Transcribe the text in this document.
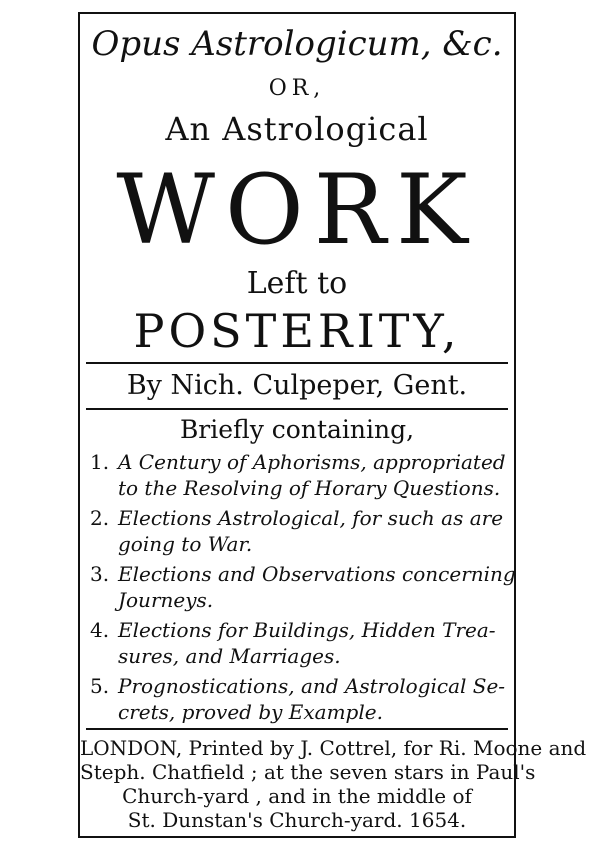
Opus Astrologicum, &c.
OR,
An Astrological
WORK
Left to
POSTERITY,
By Nich. Culpeper, Gent.
Briefly containing,
1. A Century of Aphorisms, appropriated
to the Resolving of Horary Questions.
2. Elections Astrological, for such as are
going to War.
3. Elections and Observations concerning
Journeys.
4. Elections for Buildings, Hidden Trea-
sures, and Marriages.
5. Prognostications, and Astrological Se-
crets, proved by Example.
LONDON, Printed by J. Cottrel, for Ri. Moone and
Steph. Chatfield ; at the seven stars in Paul's
Church-yard , and in the middle of
St. Dunstan's Church-yard. 1654.
